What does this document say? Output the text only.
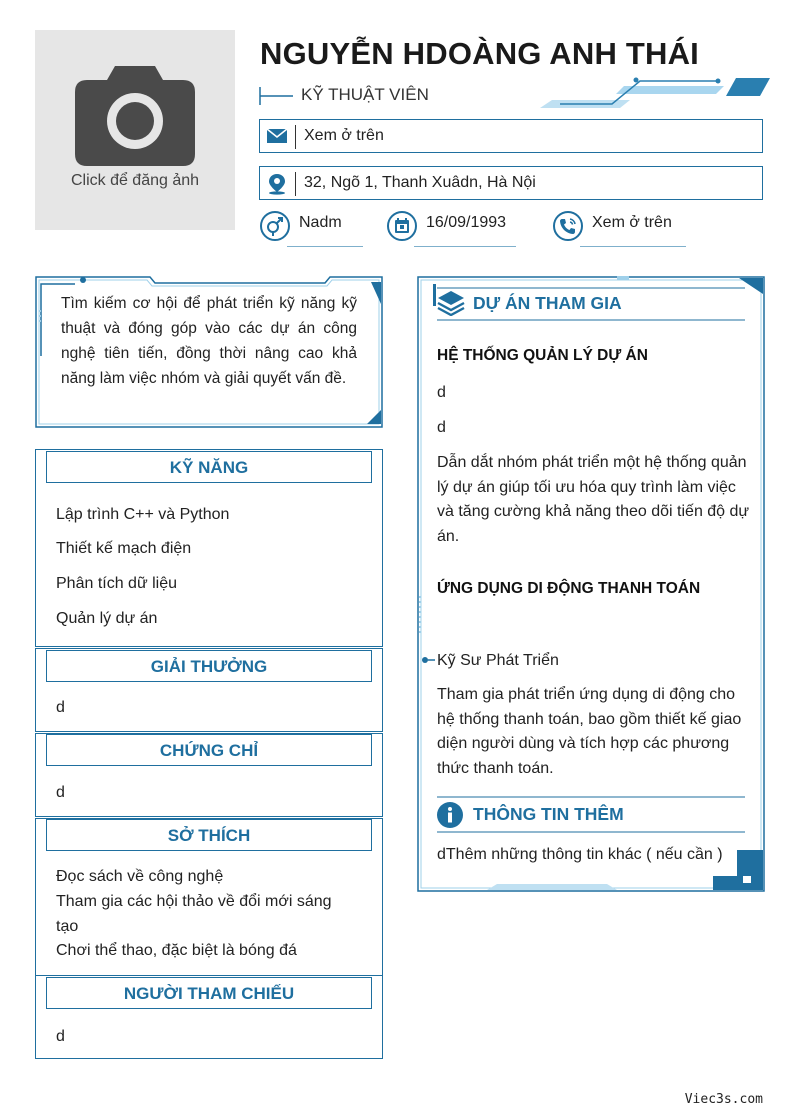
Click để đăng ảnh
NGUYỄN HDOÀNG ANH THÁI
KỸ THUẬT VIÊN
Xem ở trên
32, Ngõ 1, Thanh Xuâdn, Hà Nội
Nadm	16/09/1993	Xem ở trên
Tìm kiếm cơ hội để phát triển kỹ năng kỹ thuật và đóng góp vào các dự án công nghệ tiên tiến, đồng thời nâng cao khả năng làm việc nhóm và giải quyết vấn đề.
KỸ NĂNG
Lập trình C++ và Python
Thiết kế mạch điện
Phân tích dữ liệu
Quản lý dự án
GIẢI THƯỞNG
d
CHỨNG CHỈ
d
SỞ THÍCH
Đọc sách về công nghệ
Tham gia các hội thảo về đổi mới sáng
tạo
Chơi thể thao, đặc biệt là bóng đá
NGƯỜI THAM CHIẾU
d
DỰ ÁN THAM GIA
HỆ THỐNG QUẢN LÝ DỰ ÁN
d
d
Dẫn dắt nhóm phát triển một hệ thống quản lý dự án giúp tối ưu hóa quy trình làm việc và tăng cường khả năng theo dõi tiến độ dự án.
ỨNG DỤNG DI ĐỘNG THANH TOÁN
Kỹ Sư Phát Triển
Tham gia phát triển ứng dụng di động cho hệ thống thanh toán, bao gồm thiết kế giao diện người dùng và tích hợp các phương thức thanh toán.
THÔNG TIN THÊM
dThêm những thông tin khác ( nếu cần )
Viec3s.com
